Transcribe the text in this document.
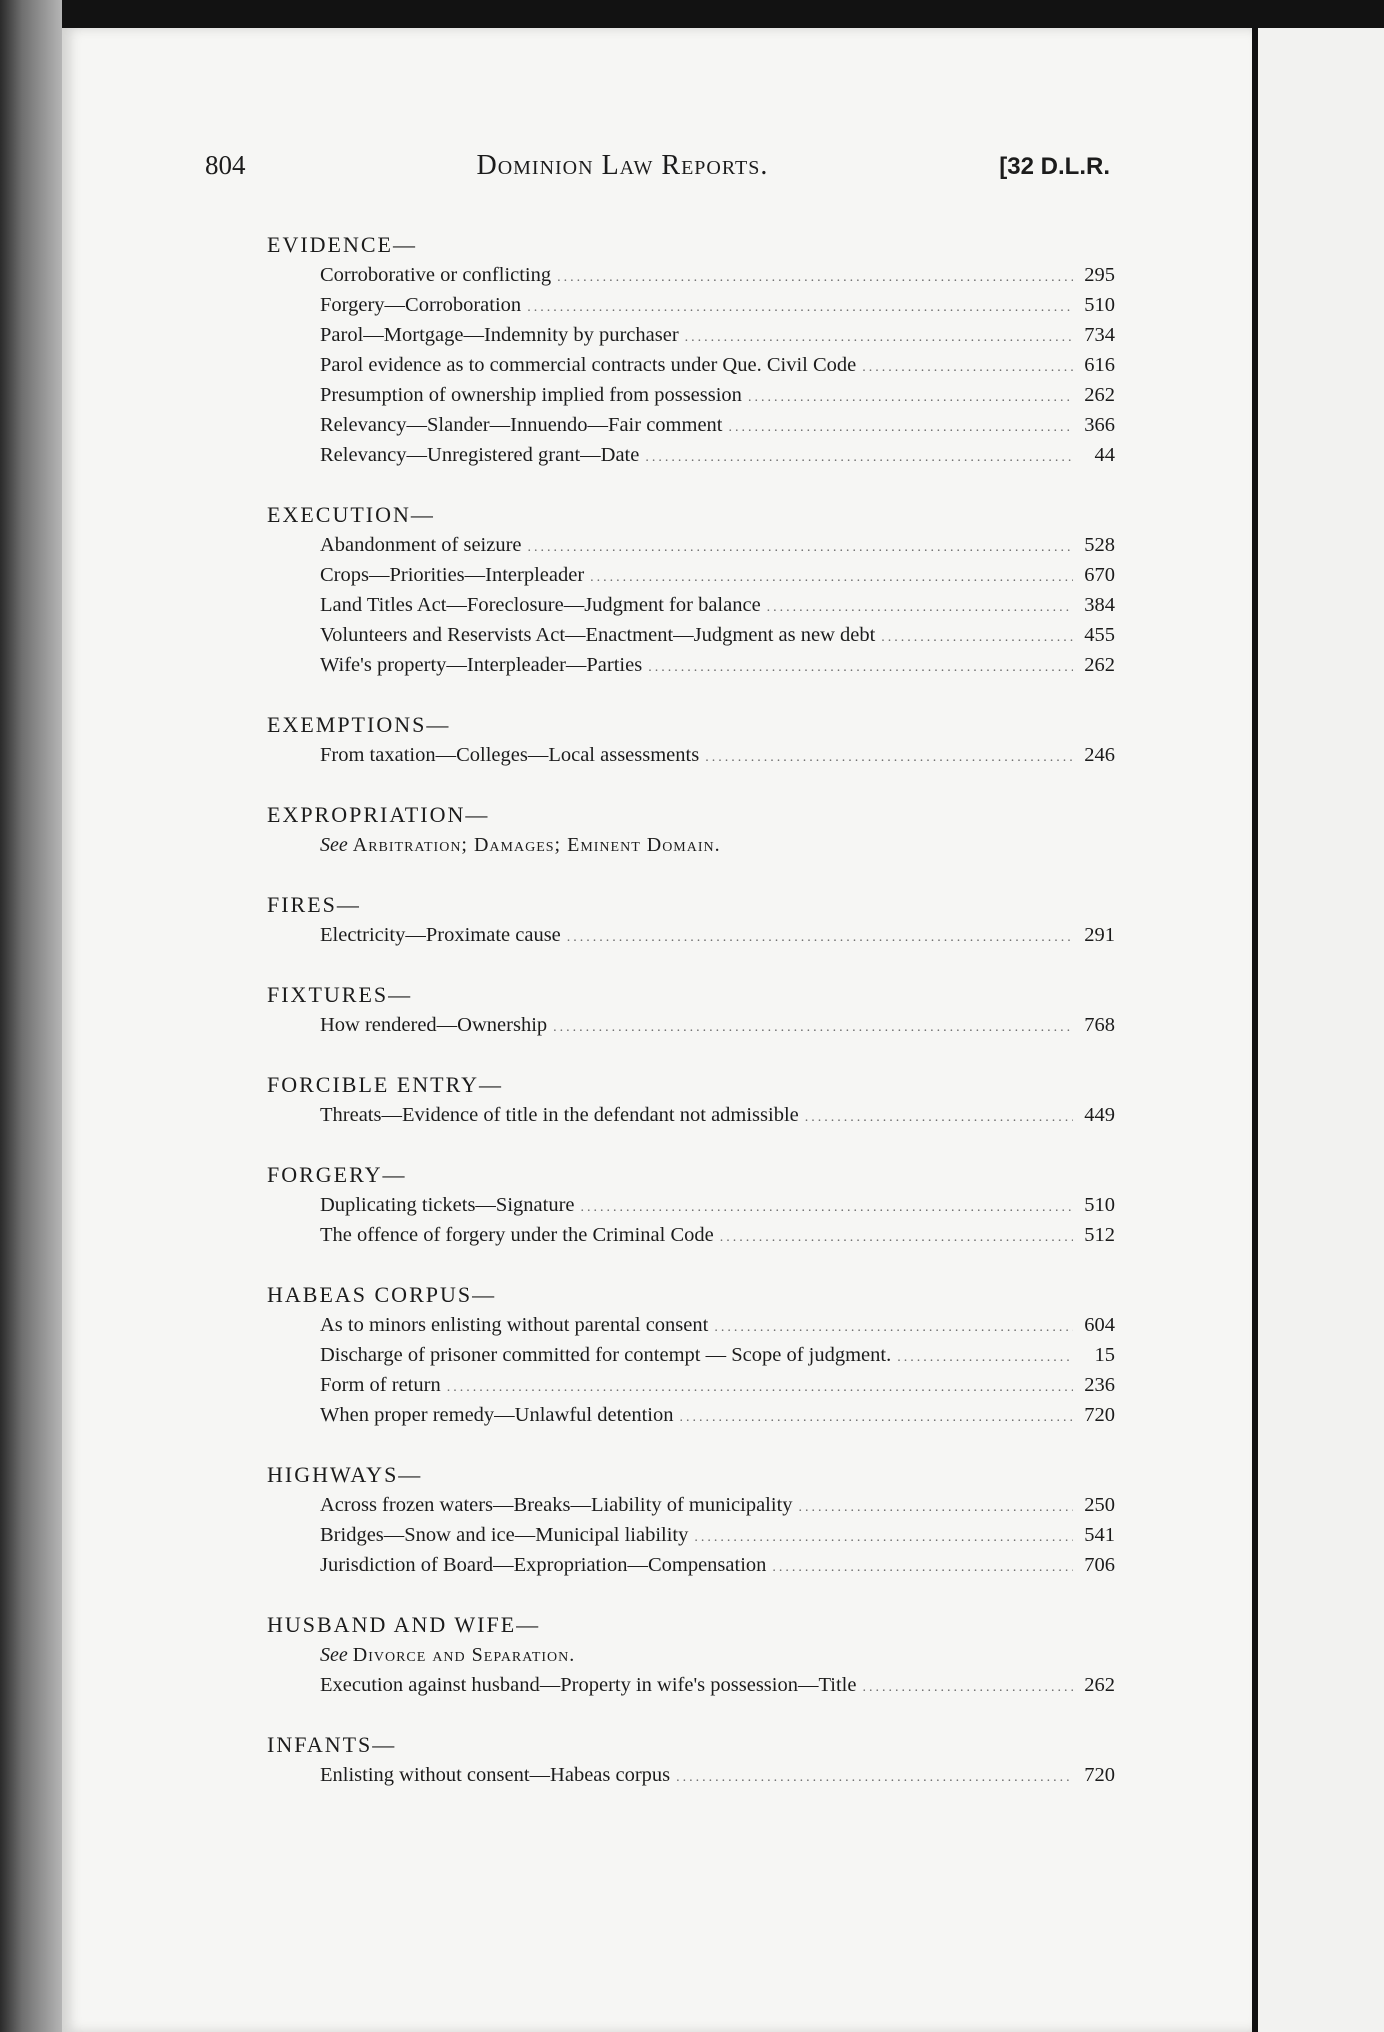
804	Dominion Law Reports.	[32 D.L.R.
EVIDENCE—
Corroborative or conflicting .....	295
Forgery—Corroboration .....	510
Parol—Mortgage—Indemnity by purchaser .....	734
Parol evidence as to commercial contracts under Que. Civil Code .....	616
Presumption of ownership implied from possession .....	262
Relevancy—Slander—Innuendo—Fair comment .....	366
Relevancy—Unregistered grant—Date .....	44
EXECUTION—
Abandonment of seizure .....	528
Crops—Priorities—Interpleader .....	670
Land Titles Act—Foreclosure—Judgment for balance .....	384
Volunteers and Reservists Act—Enactment—Judgment as new debt .....	455
Wife's property—Interpleader—Parties .....	262
EXEMPTIONS—
From taxation—Colleges—Local assessments .....	246
EXPROPRIATION—
See Arbitration; Damages; Eminent Domain.
FIRES—
Electricity—Proximate cause .....	291
FIXTURES—
How rendered—Ownership .....	768
FORCIBLE ENTRY—
Threats—Evidence of title in the defendant not admissible .....	449
FORGERY—
Duplicating tickets—Signature .....	510
The offence of forgery under the Criminal Code .....	512
HABEAS CORPUS—
As to minors enlisting without parental consent .....	604
Discharge of prisoner committed for contempt — Scope of judgment. .....	15
Form of return .....	236
When proper remedy—Unlawful detention .....	720
HIGHWAYS—
Across frozen waters—Breaks—Liability of municipality .....	250
Bridges—Snow and ice—Municipal liability .....	541
Jurisdiction of Board—Expropriation—Compensation .....	706
HUSBAND AND WIFE—
See Divorce and Separation.
Execution against husband—Property in wife's possession—Title .....	262
INFANTS—
Enlisting without consent—Habeas corpus .....	720
